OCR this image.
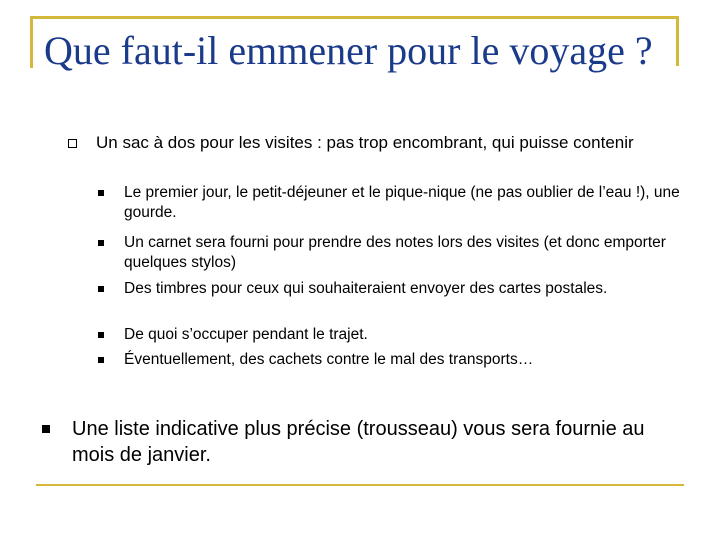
Que faut-il emmener pour le voyage ?
Un sac à dos pour les visites : pas trop encombrant, qui puisse contenir
Le premier jour, le petit-déjeuner et le pique-nique (ne pas oublier de l’eau !), une gourde.
Un carnet sera fourni pour prendre des notes lors des visites (et donc emporter quelques stylos)
Des timbres pour ceux qui souhaiteraient envoyer des cartes postales.
De quoi s’occuper pendant le trajet.
Éventuellement, des cachets contre le mal des transports…
Une liste indicative plus précise (trousseau) vous sera fournie au mois de janvier.
